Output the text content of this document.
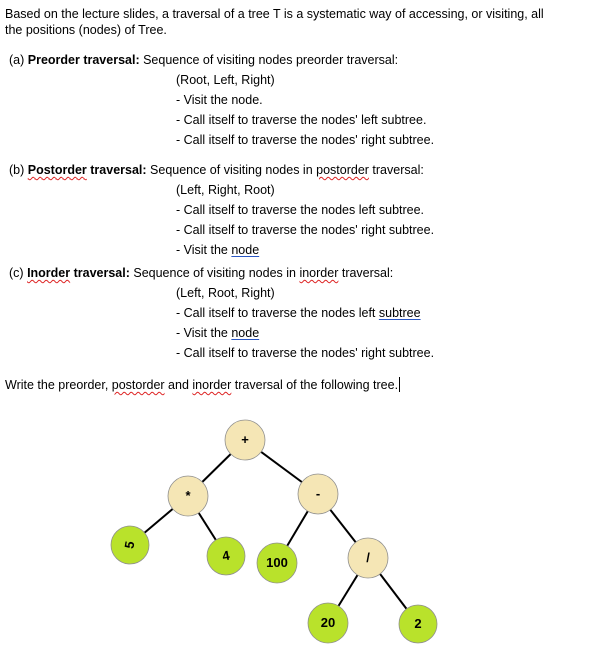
Based on the lecture slides, a traversal of a tree T is a systematic way of accessing, or visiting, all
the positions (nodes) of Tree.
(a) Preorder traversal: Sequence of visiting nodes preorder traversal:
(Root, Left, Right)
- Visit the node.
- Call itself to traverse the nodes' left subtree.
- Call itself to traverse the nodes' right subtree.
(b) Postorder traversal: Sequence of visiting nodes in postorder traversal:
(Left, Right, Root)
- Call itself to traverse the nodes left subtree.
- Call itself to traverse the nodes' right subtree.
- Visit the node
(c) Inorder traversal: Sequence of visiting nodes in inorder traversal:
(Left, Root, Right)
- Call itself to traverse the nodes left subtree
- Visit the node
- Call itself to traverse the nodes' right subtree.
Write the preorder, postorder and inorder traversal of the following tree.
+
*	-
5
4	100	/
20	2
